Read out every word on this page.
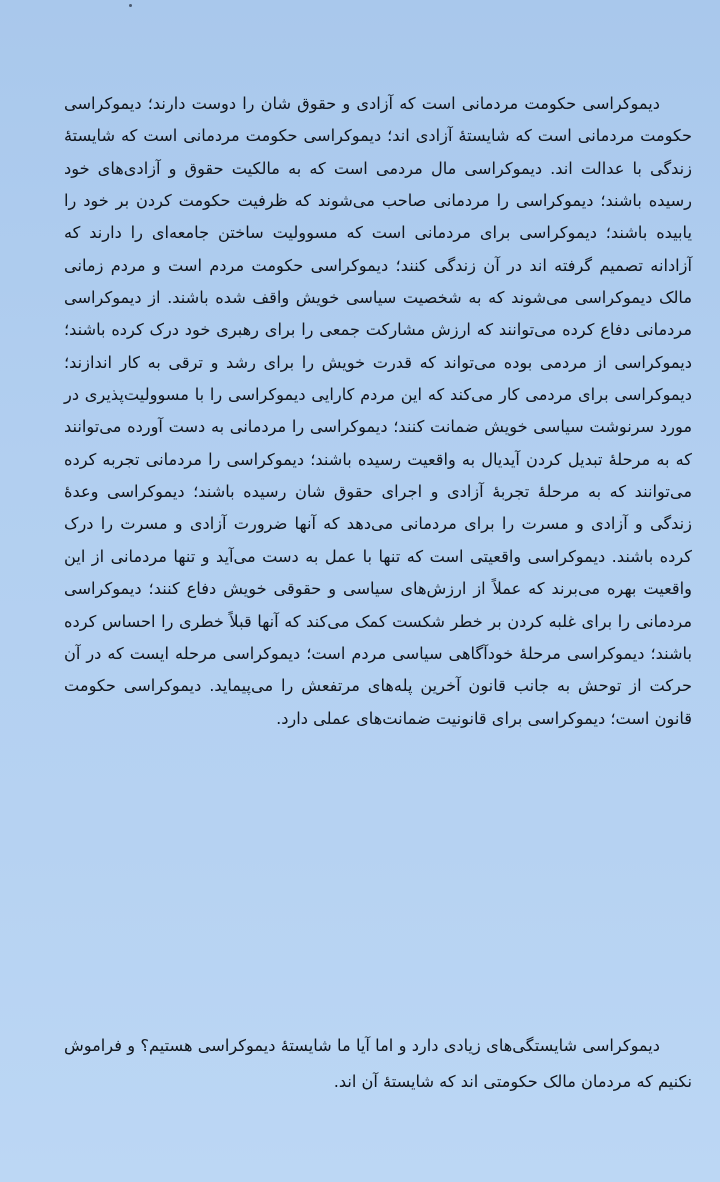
دیموکراسی حکومت مردمانی است که آزادی و حقوق شان را دوست دارند؛ دیموکراسی حکومت مردمانی است که شایستهٔ آزادی اند؛ دیموکراسی حکومت مردمانی است که شایستهٔ زندگی با عدالت اند. دیموکراسی مال مردمی است که به مالکیت حقوق و آزادی‌های خود رسیده باشند؛ دیموکراسی را مردمانی صاحب می‌شوند که ظرفیت حکومت کردن بر خود را یابیده باشند؛ دیموکراسی برای مردمانی است که مسوولیت ساختن جامعه‌ای را دارند که آزادانه تصمیم گرفته اند در آن زندگی کنند؛ دیموکراسی حکومت مردم است و مردم زمانی مالک دیموکراسی می‌شوند که به شخصیت سیاسی خویش واقف شده باشند. از دیموکراسی مردمانی دفاع کرده می‌توانند که ارزش مشارکت جمعی را برای رهبری خود درک کرده باشند؛ دیموکراسی از مردمی بوده می‌تواند که قدرت خویش را برای رشد و ترقی به کار اندازند؛ دیموکراسی برای مردمی کار می‌کند که این مردم کارایی دیموکراسی را با مسوولیت‌پذیری در مورد سرنوشت سیاسی خویش ضمانت کنند؛ دیموکراسی را مردمانی به دست آورده می‌توانند که به مرحلهٔ تبدیل کردن آیدیال به واقعیت رسیده باشند؛ دیموکراسی را مردمانی تجربه کرده می‌توانند که به مرحلهٔ تجربهٔ آزادی و اجرای حقوق شان رسیده باشند؛ دیموکراسی وعدهٔ زندگی و آزادی و مسرت را برای مردمانی می‌دهد که آنها ضرورت آزادی و مسرت را درک کرده باشند. دیموکراسی واقعیتی است که تنها با عمل به دست می‌آید و تنها مردمانی از این واقعیت بهره می‌برند که عملاً از ارزش‌های سیاسی و حقوقی خویش دفاع کنند؛ دیموکراسی مردمانی را برای غلبه کردن بر خطر شکست کمک می‌کند که آنها قبلاً خطری را احساس کرده باشند؛ دیموکراسی مرحلهٔ خودآگاهی سیاسی مردم است؛ دیموکراسی مرحله ایست که در آن حرکت از توحش به جانب قانون آخرین پله‌های مرتفعش را می‌پیماید. دیموکراسی حکومت قانون است؛ دیموکراسی برای قانونیت ضمانت‌های عملی دارد.

دیموکراسی شایستگی‌های زیادی دارد و اما آیا ما شایستهٔ دیموکراسی هستیم؟ و فراموش نکنیم که مردمان مالک حکومتی اند که شایستهٔ آن اند.
